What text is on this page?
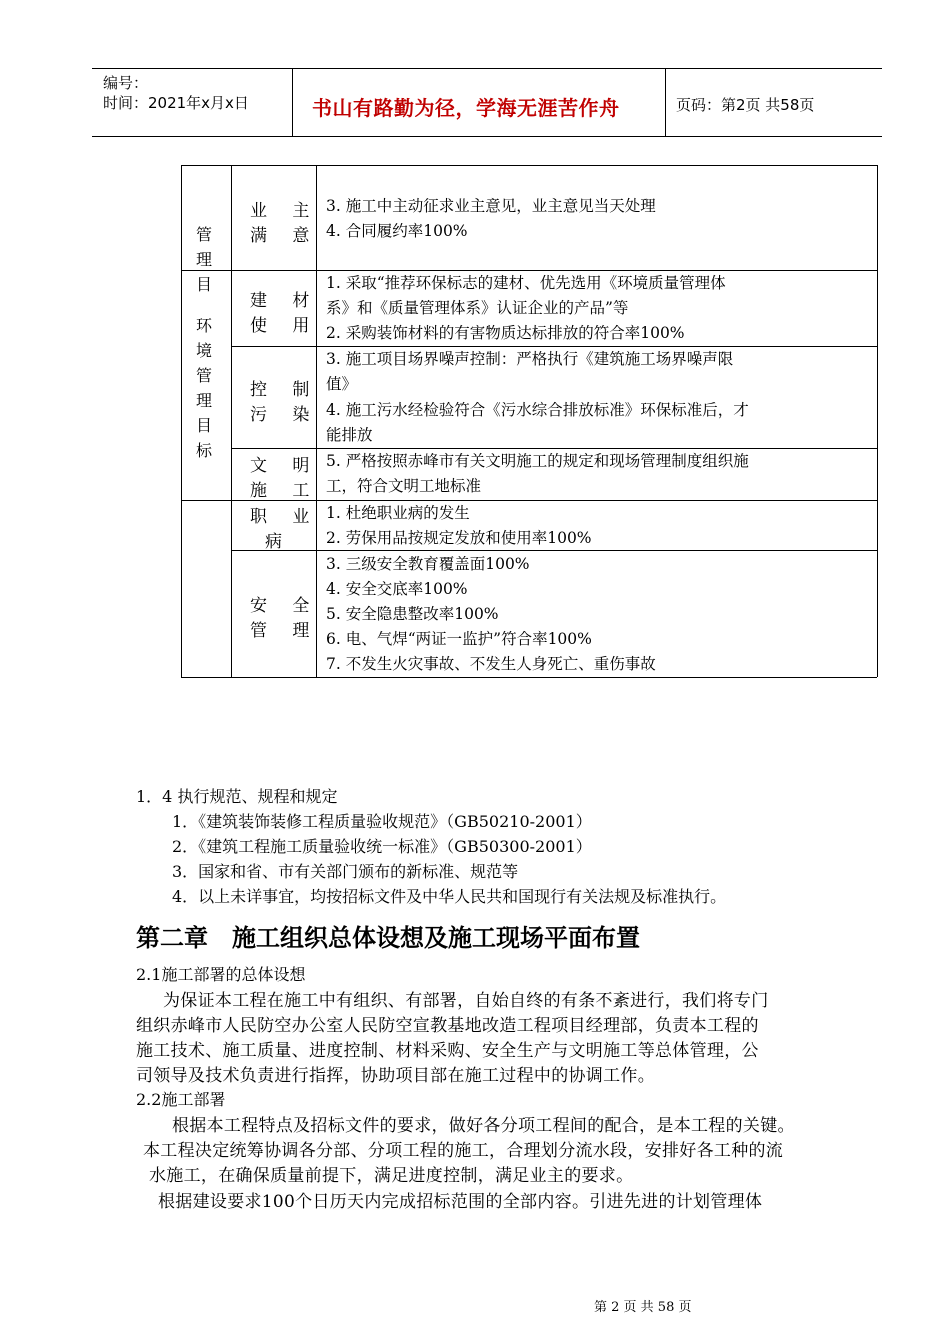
编号：
时间：2021年x月x日	书山有路勤为径，学海无涯苦作舟	页码：第2页 共58页
管
理
目
环
境
管
理
目
标
业 主
满 意
3. 施工中主动征求业主意见，业主意见当天处理
4. 合同履约率100%
建 材
使 用
1. 采取“推荐环保标志的建材、优先选用《环境质量管理体
系》和《质量管理体系》认证企业的产品”等
2. 采购装饰材料的有害物质达标排放的符合率100%
控 制
污 染
3. 施工项目场界噪声控制：严格执行《建筑施工场界噪声限
值》
4. 施工污水经检验符合《污水综合排放标准》环保标准后，才
能排放
文 明
施 工
5. 严格按照赤峰市有关文明施工的规定和现场管理制度组织施
工，符合文明工地标准
职 业
病
1. 杜绝职业病的发生
2. 劳保用品按规定发放和使用率100%
安 全
管 理
3. 三级安全教育覆盖面100%
4. 安全交底率100%
5. 安全隐患整改率100%
6. 电、气焊“两证一监护”符合率100%
7. 不发生火灾事故、不发生人身死亡、重伤事故
1．4 执行规范、规程和规定
1．《建筑装饰装修工程质量验收规范》（GB50210-2001）
2．《建筑工程施工质量验收统一标准》（GB50300-2001）
3．国家和省、市有关部门颁布的新标准、规范等
4．以上未详事宜，均按招标文件及中华人民共和国现行有关法规及标准执行。
第二章　施工组织总体设想及施工现场平面布置
2.1施工部署的总体设想
为保证本工程在施工中有组织、有部署，自始自终的有条不紊进行，我们将专门
组织赤峰市人民防空办公室人民防空宣教基地改造工程项目经理部，负责本工程的
施工技术、施工质量、进度控制、材料采购、安全生产与文明施工等总体管理，公
司领导及技术负责进行指挥，协助项目部在施工过程中的协调工作。
2.2施工部署
根据本工程特点及招标文件的要求，做好各分项工程间的配合，是本工程的关键。
本工程决定统筹协调各分部、分项工程的施工，合理划分流水段，安排好各工种的流
水施工，在确保质量前提下，满足进度控制，满足业主的要求。
根据建设要求100个日历天内完成招标范围的全部内容。引进先进的计划管理体
第 2 页 共 58 页
